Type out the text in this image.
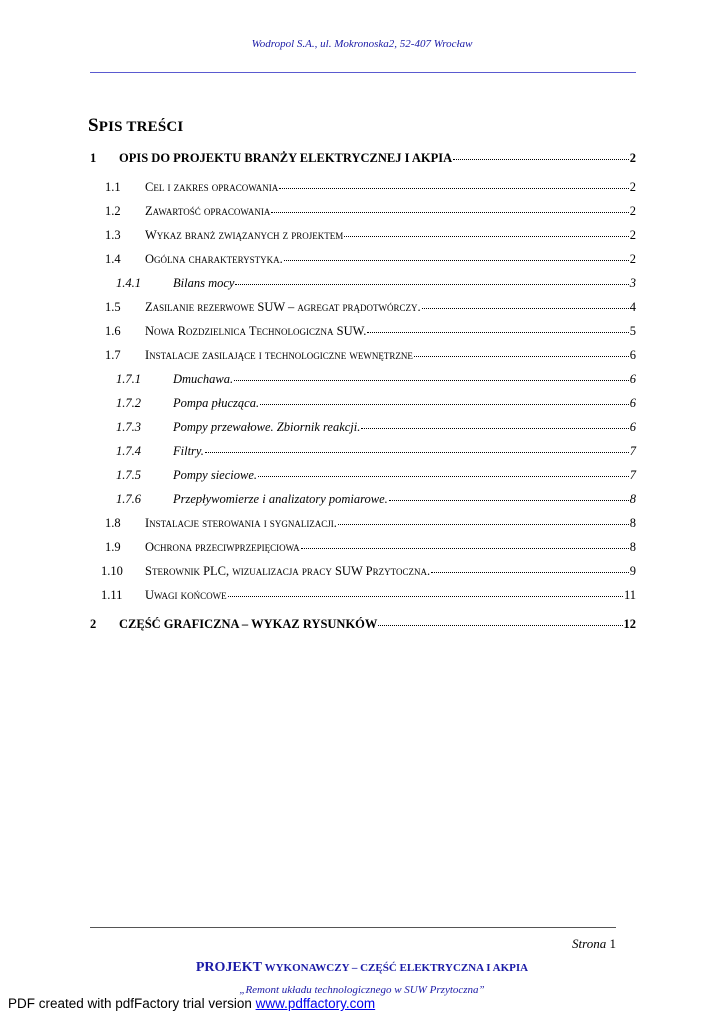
Wodropol S.A., ul. Mokronoska2, 52-407 Wrocław
SPIS TREŚCI
1	OPIS DO PROJEKTU BRANŻY ELEKTRYCZNEJ I AKPIA	2
1.1	Cel i zakres opracowania	2
1.2	Zawartość opracowania	2
1.3	Wykaz branż związanych z projektem	2
1.4	Ogólna charakterystyka.	2
1.4.1	Bilans mocy	3
1.5	Zasilanie rezerwowe SUW – agregat prądotwórczy.	4
1.6	Nowa Rozdzielnica Technologiczna SUW.	5
1.7	Instalacje zasilające i technologiczne wewnętrzne	6
1.7.1	Dmuchawa.	6
1.7.2	Pompa płucząca.	6
1.7.3	Pompy przewałowe. Zbiornik reakcji.	6
1.7.4	Filtry.	7
1.7.5	Pompy sieciowe.	7
1.7.6	Przepływomierze i analizatory pomiarowe.	8
1.8	Instalacje sterowania i sygnalizacji.	8
1.9	Ochrona przeciwprzepięciowa	8
1.10	Sterownik PLC, wizualizacja pracy SUW Przytoczna.	9
1.11	Uwagi końcowe	11
2	CZĘŚĆ GRAFICZNA – WYKAZ RYSUNKÓW	12
Strona 1
PROJEKT WYKONAWCZY – CZĘŚĆ ELEKTRYCZNA I AKPIA
„Remont układu technologicznego w SUW Przytoczna”
PDF created with pdfFactory trial version www.pdffactory.com
